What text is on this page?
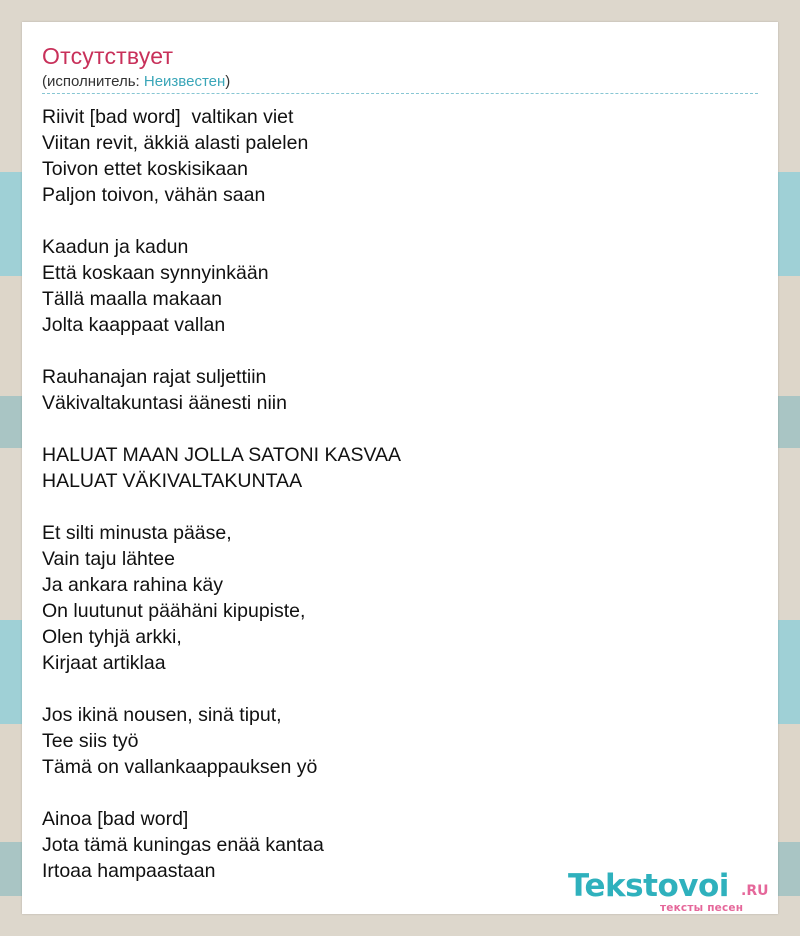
Отсутствует
(исполнитель: Неизвестен)
Riivit [bad word]  valtikan viet
Viitan revit, äkkiä alasti palelen
Toivon ettet koskisikaan
Paljon toivon, vähän saan
Kaadun ja kadun
Että koskaan synnyinkään
Tällä maalla makaan
Jolta kaappaat vallan
Rauhanajan rajat suljettiin
Väkivaltakuntasi äänesti niin
HALUAT MAAN JOLLA SATONI KASVAA
HALUAT VÄKIVALTAKUNTAA
Et silti minusta pääse,
Vain taju lähtee
Ja ankara rahina käy
On luutunut päähäni kipupiste,
Olen tyhjä arkki,
Kirjaat artiklaa
Jos ikinä nousen, sinä tiput,
Tee siis työ
Tämä on vallankaappauksen yö
Ainoa [bad word]
Jota tämä kuningas enää kantaa
Irtoaa hampaastaan	Tekstovoi .RU
тексты песен
